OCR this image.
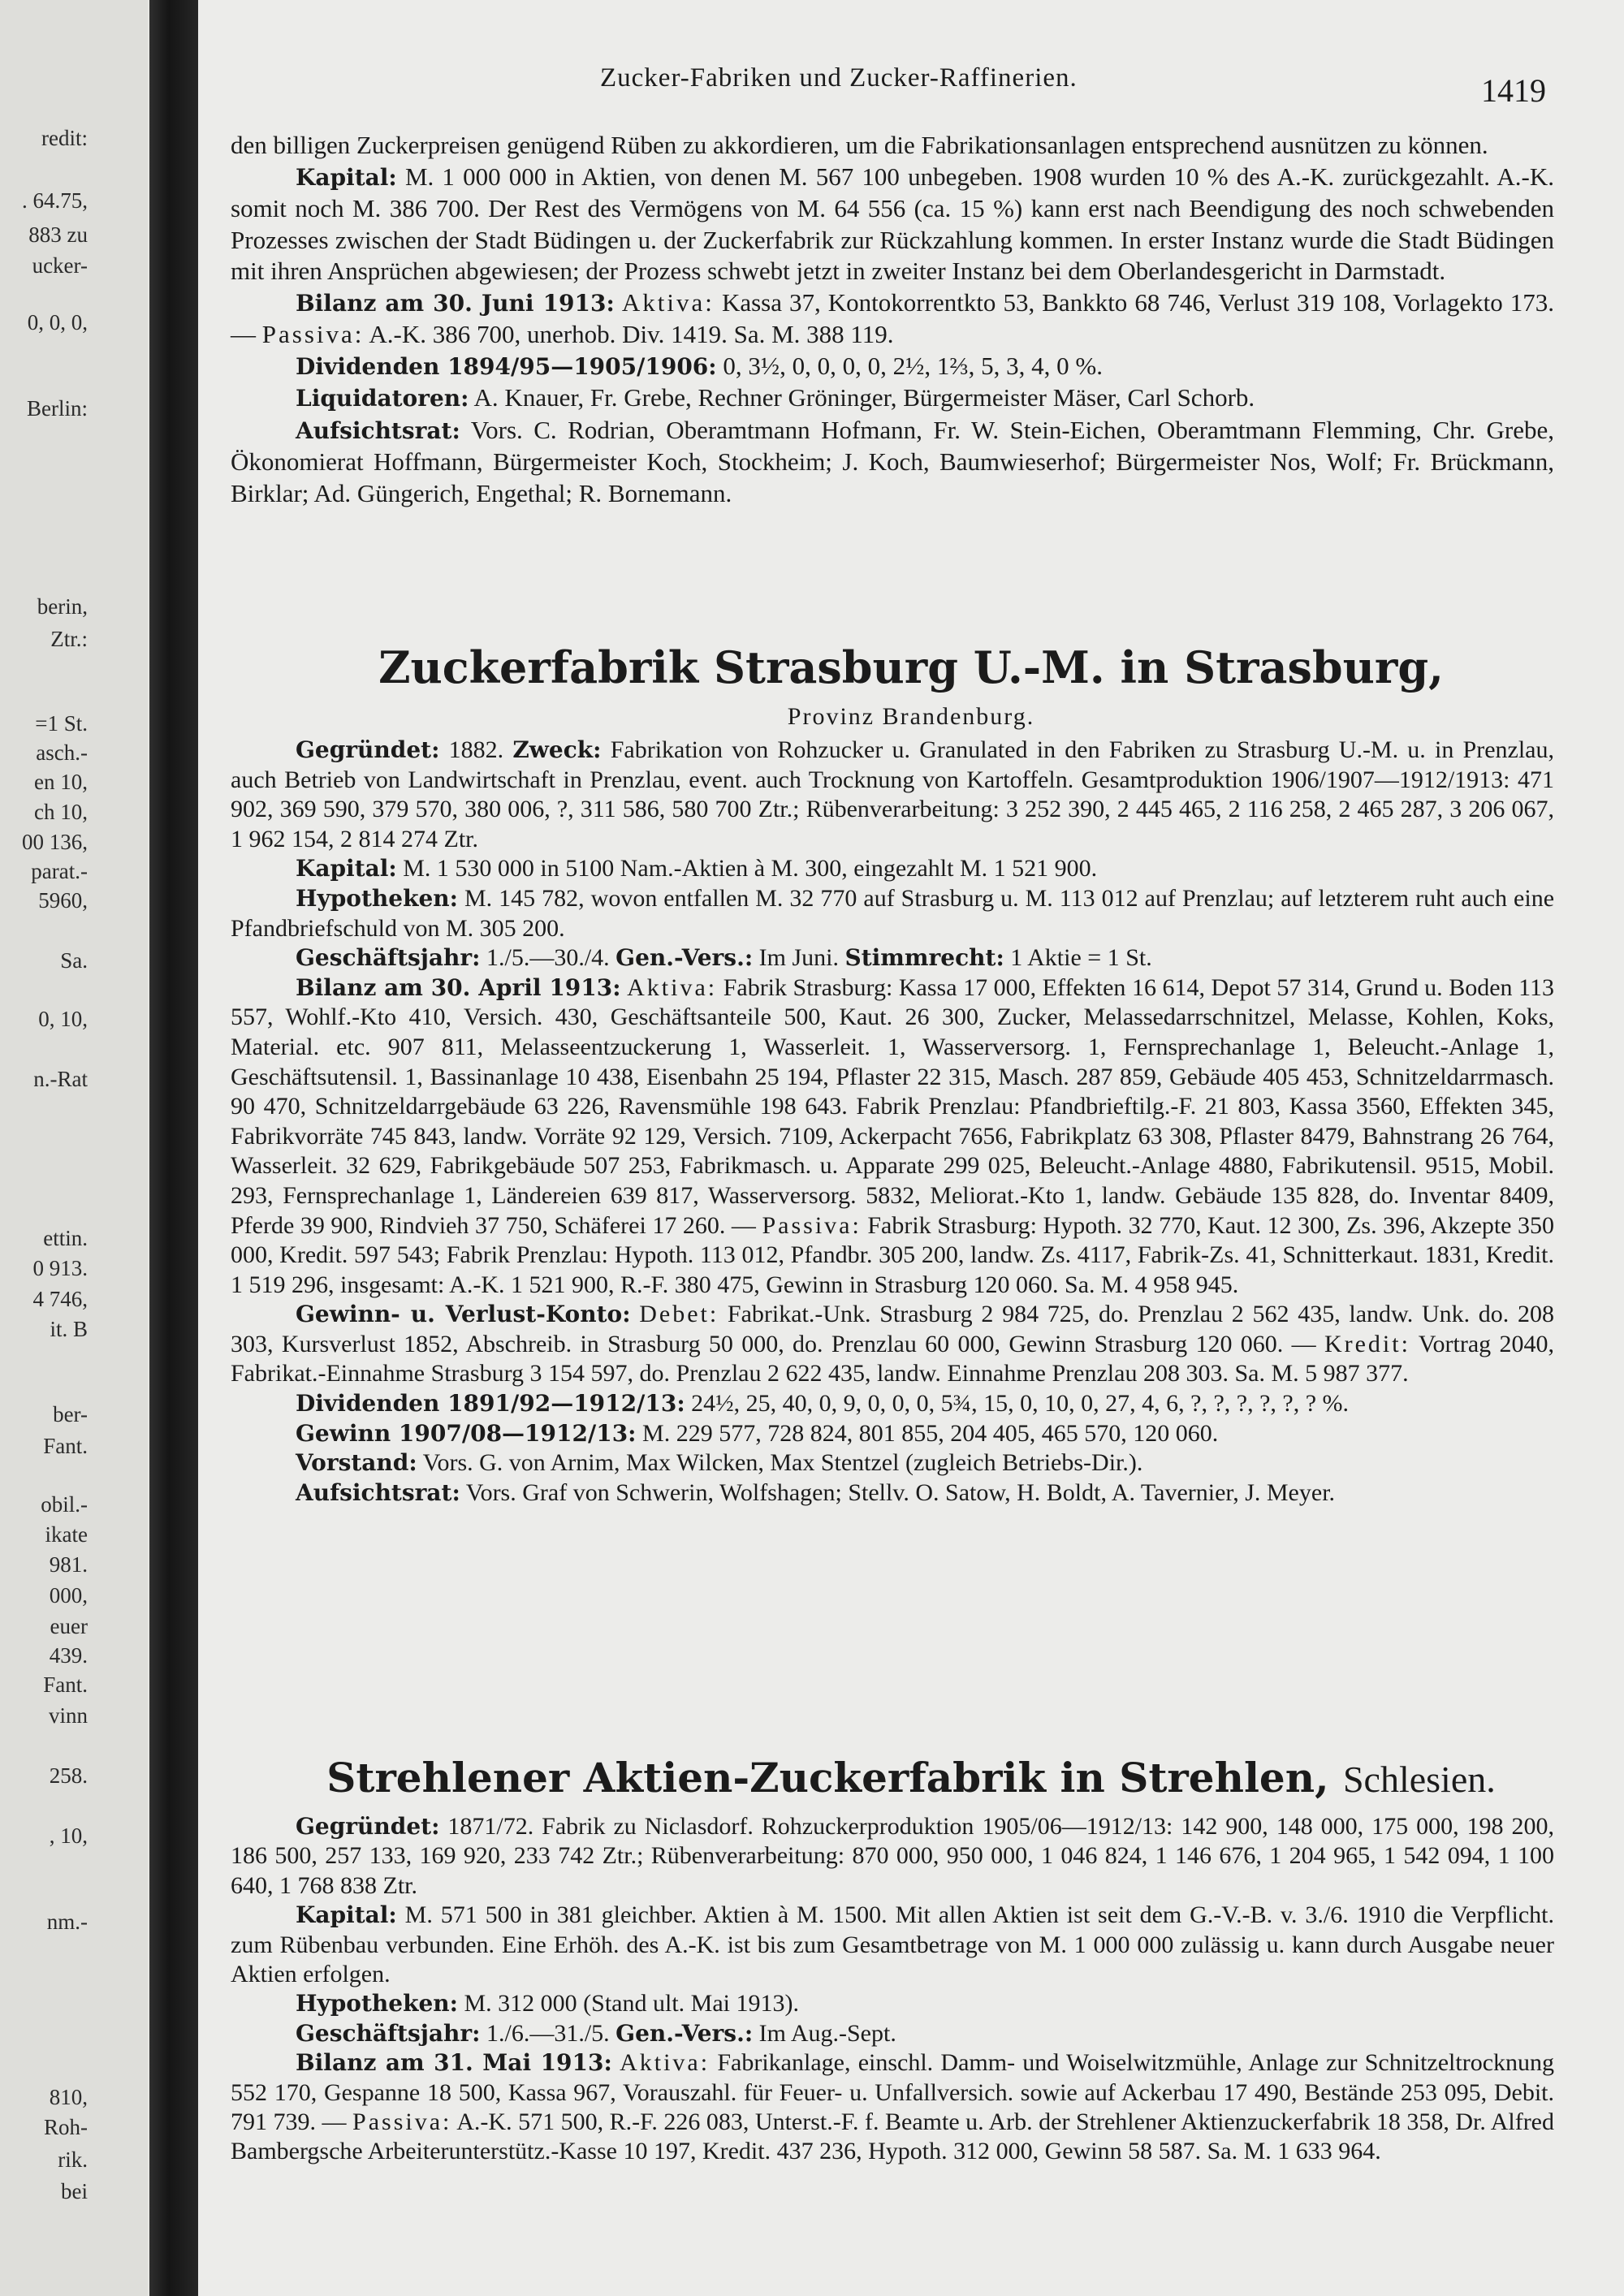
redit:
. 64.75,
883 zu
ucker-
0, 0, 0,
Berlin:
berin,
Ztr.:
=1 St.
asch.-
en 10,
ch 10,
00 136,
parat.-
5960,
Sa.
0, 10,
n.-Rat
ettin.
0 913.
4 746,
it. B
ber-
Fant.
obil.-
ikate
981.
000,
euer
439.
Fant.
vinn
258.
, 10,
nm.-
810,
Roh-
rik.
bei
Zucker-Fabriken und Zucker-Raffinerien.	1419

den billigen Zuckerpreisen genügend Rüben zu akkordieren, um die Fabrikationsanlagen entsprechend ausnützen zu können.

Kapital: M. 1 000 000 in Aktien, von denen M. 567 100 unbegeben. 1908 wurden 10 % des A.-K. zurückgezahlt. A.-K. somit noch M. 386 700. Der Rest des Vermögens von M. 64 556 (ca. 15 %) kann erst nach Beendigung des noch schwebenden Prozesses zwischen der Stadt Büdingen u. der Zuckerfabrik zur Rückzahlung kommen. In erster Instanz wurde die Stadt Büdingen mit ihren Ansprüchen abgewiesen; der Prozess schwebt jetzt in zweiter Instanz bei dem Oberlandesgericht in Darmstadt.

Bilanz am 30. Juni 1913: Aktiva: Kassa 37, Kontokorrentkto 53, Bankkto 68 746, Verlust 319 108, Vorlagekto 173. — Passiva: A.-K. 386 700, unerhob. Div. 1419. Sa. M. 388 119.

Dividenden 1894/95—1905/1906: 0, 3½, 0, 0, 0, 0, 2½, 1⅔, 5, 3, 4, 0 %.

Liquidatoren: A. Knauer, Fr. Grebe, Rechner Gröninger, Bürgermeister Mäser, Carl Schorb.

Aufsichtsrat: Vors. C. Rodrian, Oberamtmann Hofmann, Fr. W. Stein-Eichen, Oberamtmann Flemming, Chr. Grebe, Ökonomierat Hoffmann, Bürgermeister Koch, Stockheim; J. Koch, Baumwieserhof; Bürgermeister Nos, Wolf; Fr. Brückmann, Birklar; Ad. Güngerich, Engethal; R. Bornemann.

Zuckerfabrik Strasburg U.-M. in Strasburg,
Provinz Brandenburg.

Gegründet: 1882. Zweck: Fabrikation von Rohzucker u. Granulated in den Fabriken zu Strasburg U.-M. u. in Prenzlau, auch Betrieb von Landwirtschaft in Prenzlau, event. auch Trocknung von Kartoffeln. Gesamtproduktion 1906/1907—1912/1913: 471 902, 369 590, 379 570, 380 006, ?, 311 586, 580 700 Ztr.; Rübenverarbeitung: 3 252 390, 2 445 465, 2 116 258, 2 465 287, 3 206 067, 1 962 154, 2 814 274 Ztr.

Kapital: M. 1 530 000 in 5100 Nam.-Aktien à M. 300, eingezahlt M. 1 521 900.

Hypotheken: M. 145 782, wovon entfallen M. 32 770 auf Strasburg u. M. 113 012 auf Prenzlau; auf letzterem ruht auch eine Pfandbriefschuld von M. 305 200.

Geschäftsjahr: 1./5.—30./4. Gen.-Vers.: Im Juni. Stimmrecht: 1 Aktie = 1 St.

Bilanz am 30. April 1913: Aktiva: Fabrik Strasburg: Kassa 17 000, Effekten 16 614, Depot 57 314, Grund u. Boden 113 557, Wohlf.-Kto 410, Versich. 430, Geschäftsanteile 500, Kaut. 26 300, Zucker, Melassedarrschnitzel, Melasse, Kohlen, Koks, Material. etc. 907 811, Melasseentzuckerung 1, Wasserleit. 1, Wasserversorg. 1, Fernsprechanlage 1, Beleucht.-Anlage 1, Geschäftsutensil. 1, Bassinanlage 10 438, Eisenbahn 25 194, Pflaster 22 315, Masch. 287 859, Gebäude 405 453, Schnitzeldarrmasch. 90 470, Schnitzeldarrgebäude 63 226, Ravensmühle 198 643. Fabrik Prenzlau: Pfandbrieftilg.-F. 21 803, Kassa 3560, Effekten 345, Fabrikvorräte 745 843, landw. Vorräte 92 129, Versich. 7109, Ackerpacht 7656, Fabrikplatz 63 308, Pflaster 8479, Bahnstrang 26 764, Wasserleit. 32 629, Fabrikgebäude 507 253, Fabrikmasch. u. Apparate 299 025, Beleucht.-Anlage 4880, Fabrikutensil. 9515, Mobil. 293, Fernsprechanlage 1, Ländereien 639 817, Wasserversorg. 5832, Meliorat.-Kto 1, landw. Gebäude 135 828, do. Inventar 8409, Pferde 39 900, Rindvieh 37 750, Schäferei 17 260. — Passiva: Fabrik Strasburg: Hypoth. 32 770, Kaut. 12 300, Zs. 396, Akzepte 350 000, Kredit. 597 543; Fabrik Prenzlau: Hypoth. 113 012, Pfandbr. 305 200, landw. Zs. 4117, Fabrik-Zs. 41, Schnitterkaut. 1831, Kredit. 1 519 296, insgesamt: A.-K. 1 521 900, R.-F. 380 475, Gewinn in Strasburg 120 060. Sa. M. 4 958 945.

Gewinn- u. Verlust-Konto: Debet: Fabrikat.-Unk. Strasburg 2 984 725, do. Prenzlau 2 562 435, landw. Unk. do. 208 303, Kursverlust 1852, Abschreib. in Strasburg 50 000, do. Prenzlau 60 000, Gewinn Strasburg 120 060. — Kredit: Vortrag 2040, Fabrikat.-Einnahme Strasburg 3 154 597, do. Prenzlau 2 622 435, landw. Einnahme Prenzlau 208 303. Sa. M. 5 987 377.

Dividenden 1891/92—1912/13: 24½, 25, 40, 0, 9, 0, 0, 0, 5¾, 15, 0, 10, 0, 27, 4, 6, ?, ?, ?, ?, ?, ? %.

Gewinn 1907/08—1912/13: M. 229 577, 728 824, 801 855, 204 405, 465 570, 120 060.

Vorstand: Vors. G. von Arnim, Max Wilcken, Max Stentzel (zugleich Betriebs-Dir.).

Aufsichtsrat: Vors. Graf von Schwerin, Wolfshagen; Stellv. O. Satow, H. Boldt, A. Tavernier, J. Meyer.

Strehlener Aktien-Zuckerfabrik in Strehlen, Schlesien.

Gegründet: 1871/72. Fabrik zu Niclasdorf. Rohzuckerproduktion 1905/06—1912/13: 142 900, 148 000, 175 000, 198 200, 186 500, 257 133, 169 920, 233 742 Ztr.; Rübenverarbeitung: 870 000, 950 000, 1 046 824, 1 146 676, 1 204 965, 1 542 094, 1 100 640, 1 768 838 Ztr.

Kapital: M. 571 500 in 381 gleichber. Aktien à M. 1500. Mit allen Aktien ist seit dem G.-V.-B. v. 3./6. 1910 die Verpflicht. zum Rübenbau verbunden. Eine Erhöh. des A.-K. ist bis zum Gesamtbetrage von M. 1 000 000 zulässig u. kann durch Ausgabe neuer Aktien erfolgen.

Hypotheken: M. 312 000 (Stand ult. Mai 1913).

Geschäftsjahr: 1./6.—31./5. Gen.-Vers.: Im Aug.-Sept.

Bilanz am 31. Mai 1913: Aktiva: Fabrikanlage, einschl. Damm- und Woiselwitzmühle, Anlage zur Schnitzeltrocknung 552 170, Gespanne 18 500, Kassa 967, Vorauszahl. für Feuer- u. Unfallversich. sowie auf Ackerbau 17 490, Bestände 253 095, Debit. 791 739. — Passiva: A.-K. 571 500, R.-F. 226 083, Unterst.-F. f. Beamte u. Arb. der Strehlener Aktienzuckerfabrik 18 358, Dr. Alfred Bambergsche Arbeiterunterstütz.-Kasse 10 197, Kredit. 437 236, Hypoth. 312 000, Gewinn 58 587. Sa. M. 1 633 964.
